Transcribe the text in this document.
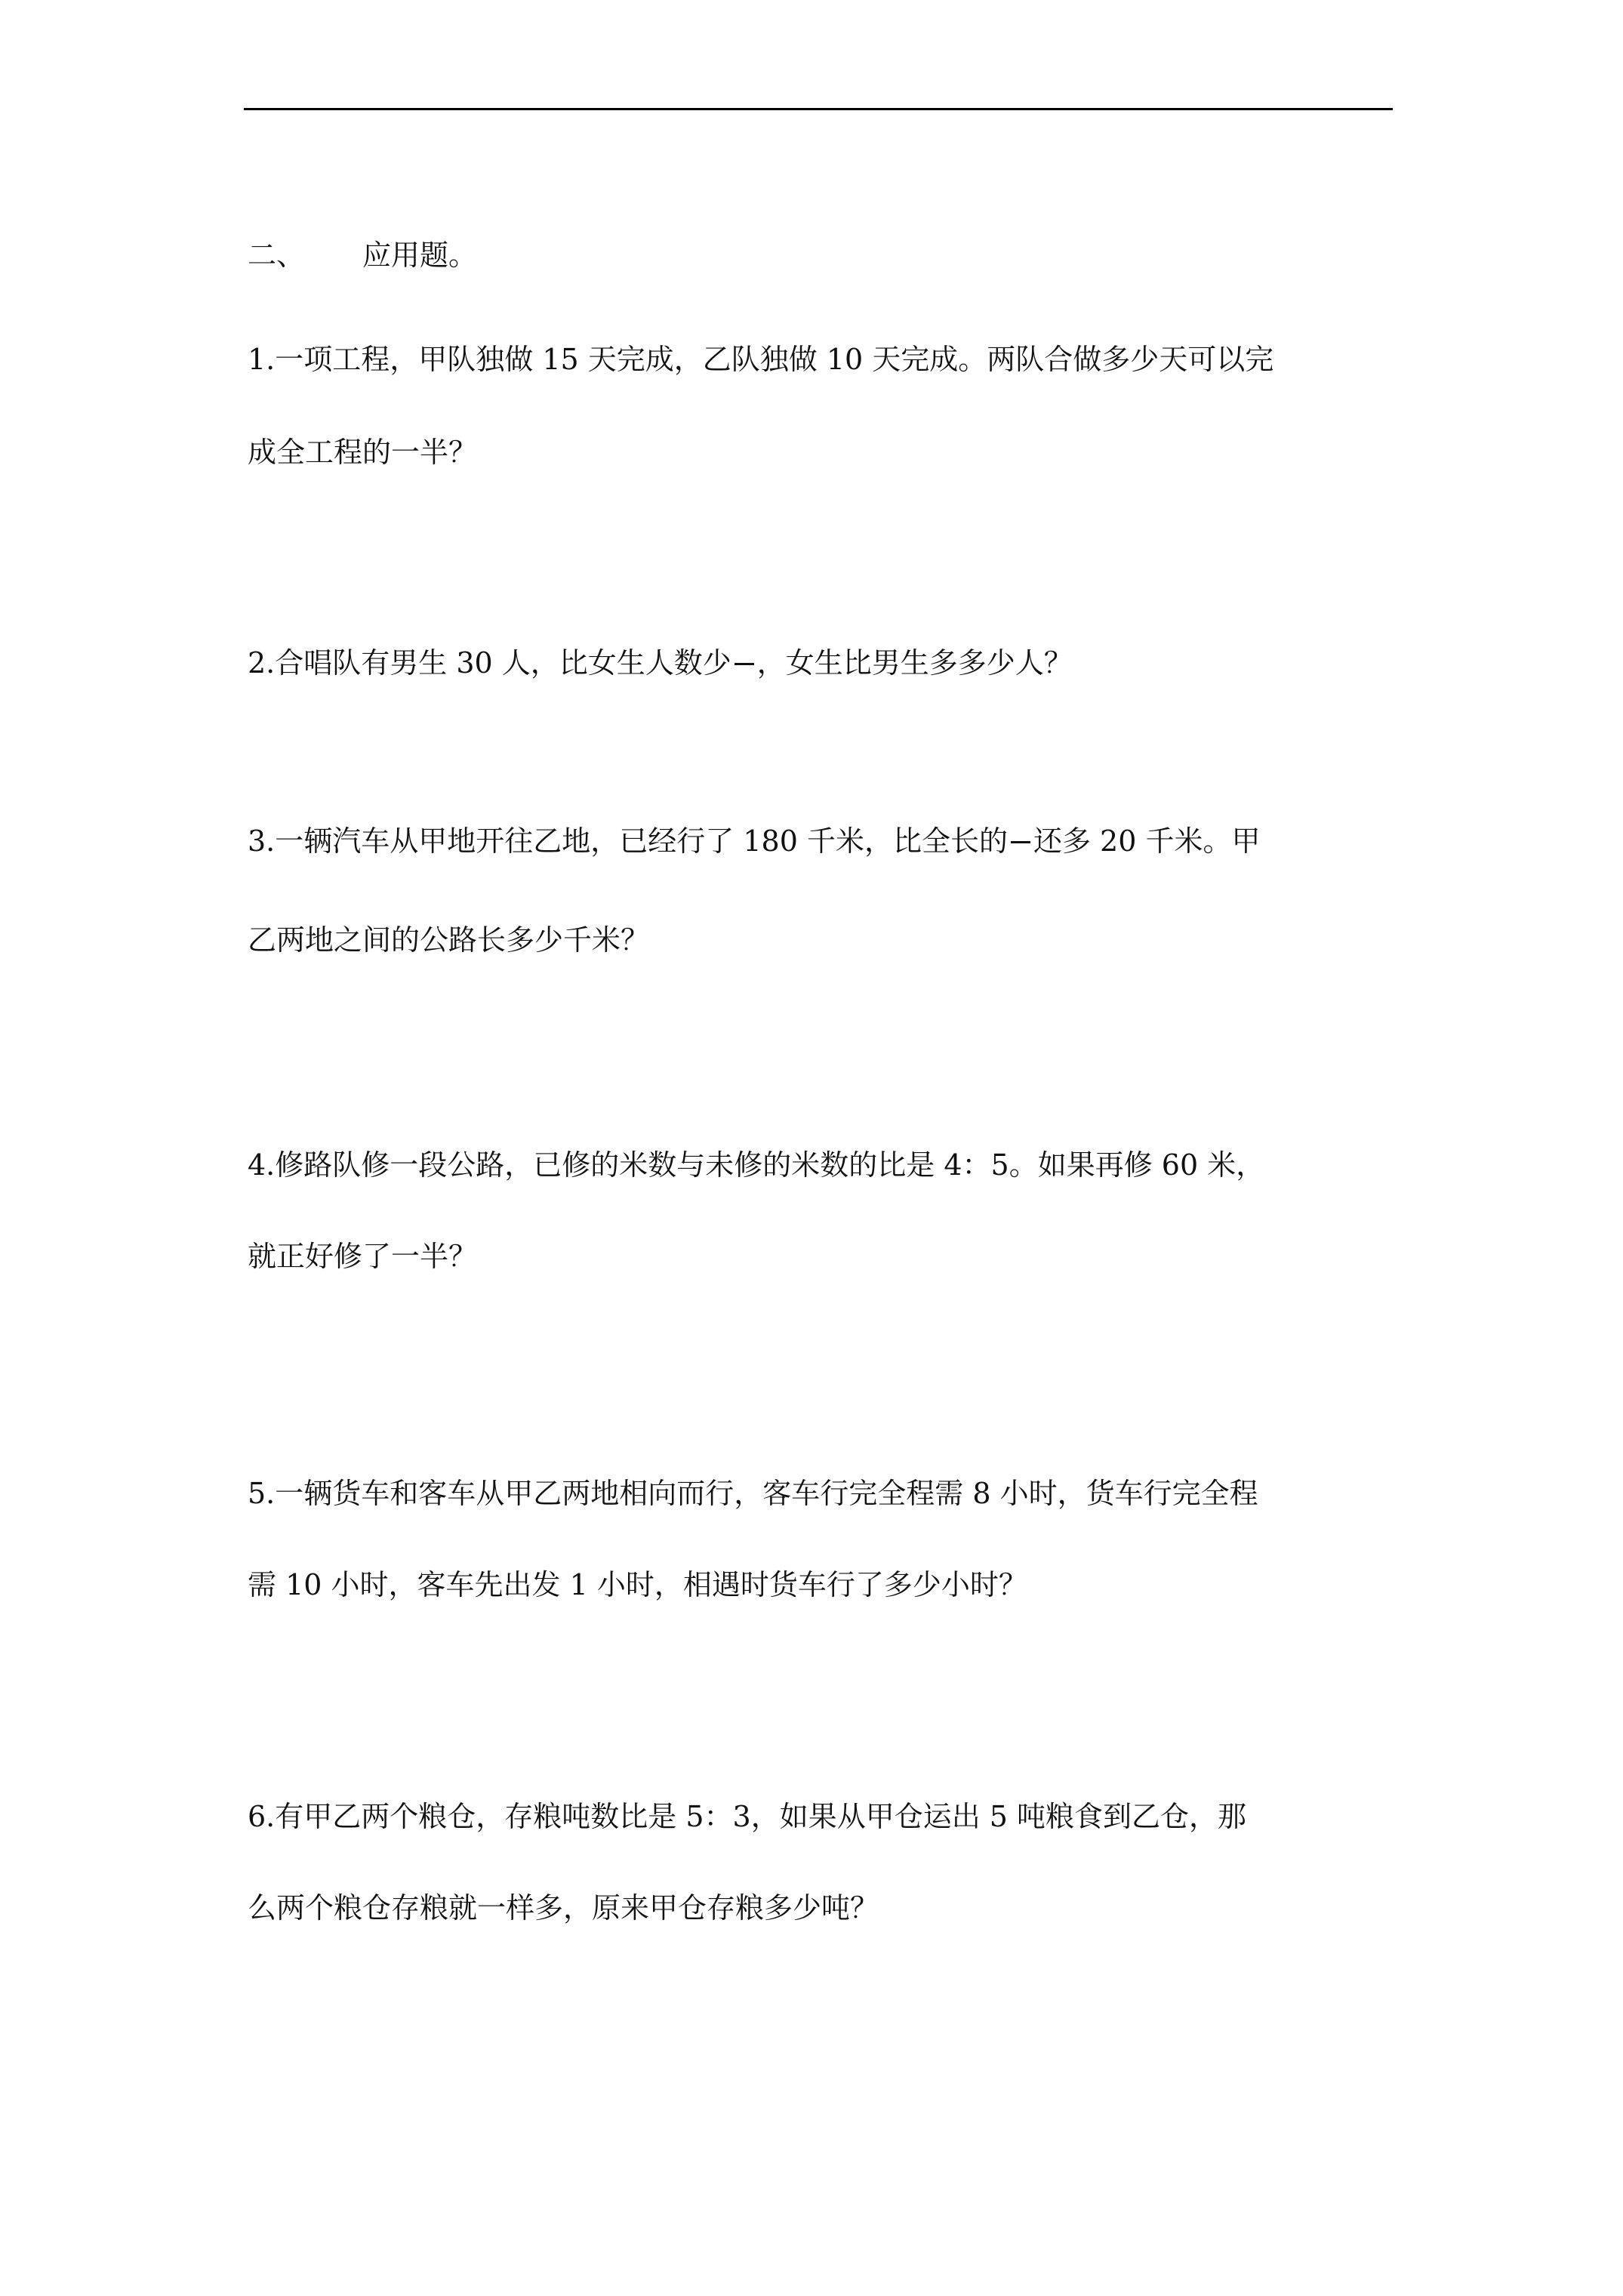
二、 应用题。
1.一项工程，甲队独做 15 天完成，乙队独做 10 天完成。两队合做多少天可以完
成全工程的一半？
2.合唱队有男生 30 人，比女生人数少 ，女生比男生多多少人？
3.一辆汽车从甲地开往乙地，已经行了 180 千米，比全长的 还多 20 千米。甲
乙两地之间的公路长多少千米？
4.修路队修一段公路，已修的米数与未修的米数的比是 4：5。如果再修 60 米，
就正好修了一半？
5.一辆货车和客车从甲乙两地相向而行，客车行完全程需 8 小时，货车行完全程
需 10 小时，客车先出发 1 小时，相遇时货车行了多少小时？
6.有甲乙两个粮仓，存粮吨数比是 5：3，如果从甲仓运出 5 吨粮食到乙仓，那
么两个粮仓存粮就一样多，原来甲仓存粮多少吨？
